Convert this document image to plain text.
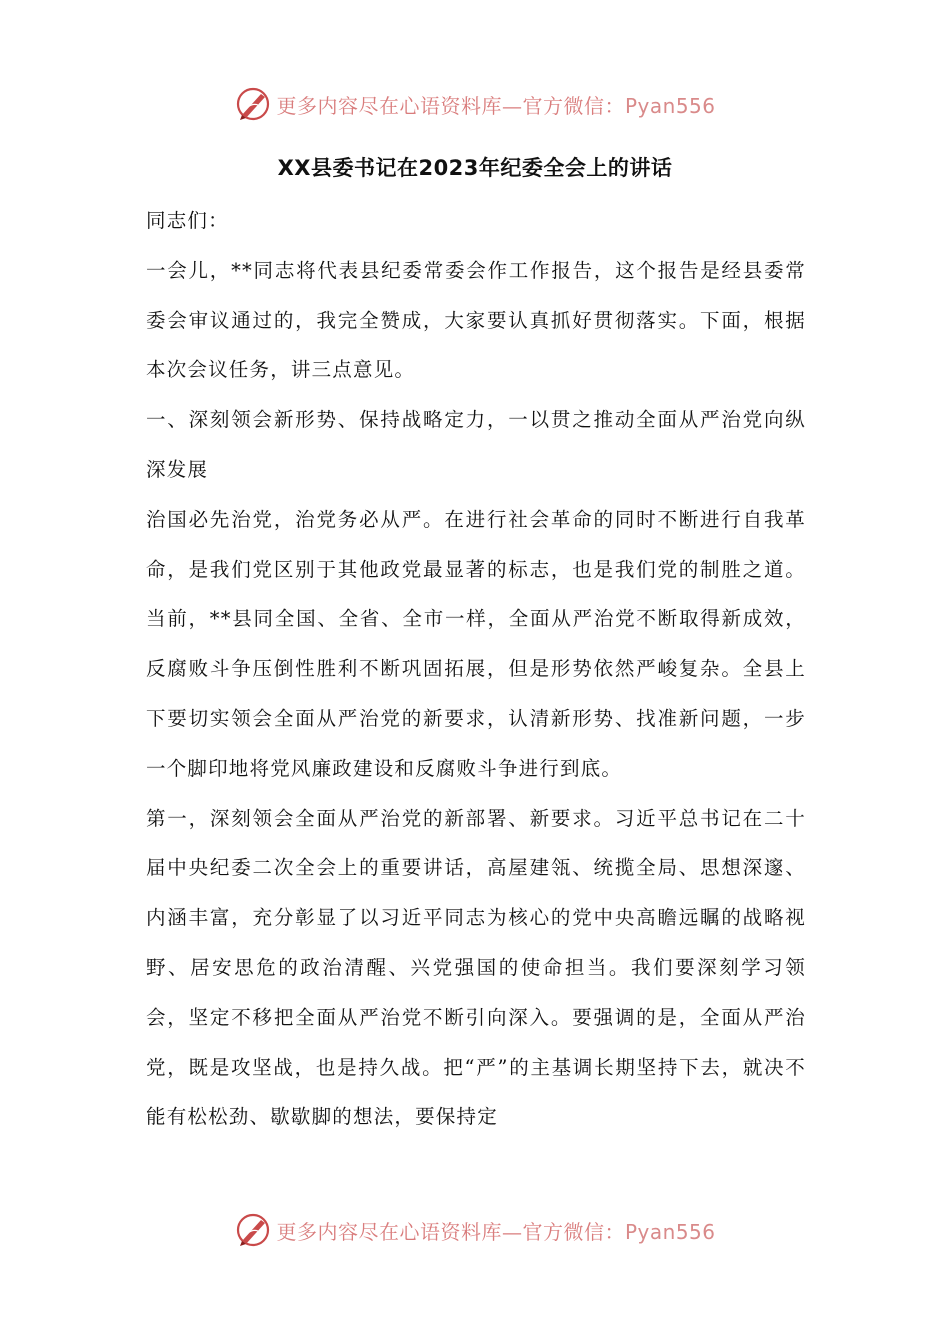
更多内容尽在心语资料库—官方微信：Pyan556
XX县委书记在2023年纪委全会上的讲话

同志们：

一会儿，**同志将代表县纪委常委会作工作报告，这个报告是经县委常委会审议通过的，我完全赞成，大家要认真抓好贯彻落实。下面，根据本次会议任务，讲三点意见。

一、深刻领会新形势、保持战略定力，一以贯之推动全面从严治党向纵深发展

治国必先治党，治党务必从严。在进行社会革命的同时不断进行自我革命，是我们党区别于其他政党最显著的标志，也是我们党的制胜之道。当前，**县同全国、全省、全市一样，全面从严治党不断取得新成效，反腐败斗争压倒性胜利不断巩固拓展，但是形势依然严峻复杂。全县上下要切实领会全面从严治党的新要求，认清新形势、找准新问题，一步一个脚印地将党风廉政建设和反腐败斗争进行到底。

第一，深刻领会全面从严治党的新部署、新要求。习近平总书记在二十届中央纪委二次全会上的重要讲话，高屋建瓴、统揽全局、思想深邃、内涵丰富，充分彰显了以习近平同志为核心的党中央高瞻远瞩的战略视野、居安思危的政治清醒、兴党强国的使命担当。我们要深刻学习领会，坚定不移把全面从严治党不断引向深入。要强调的是，全面从严治党，既是攻坚战，也是持久战。把“严”的主基调长期坚持下去，就决不能有松松劲、歇歇脚的想法，要保持定

更多内容尽在心语资料库—官方微信：Pyan556
